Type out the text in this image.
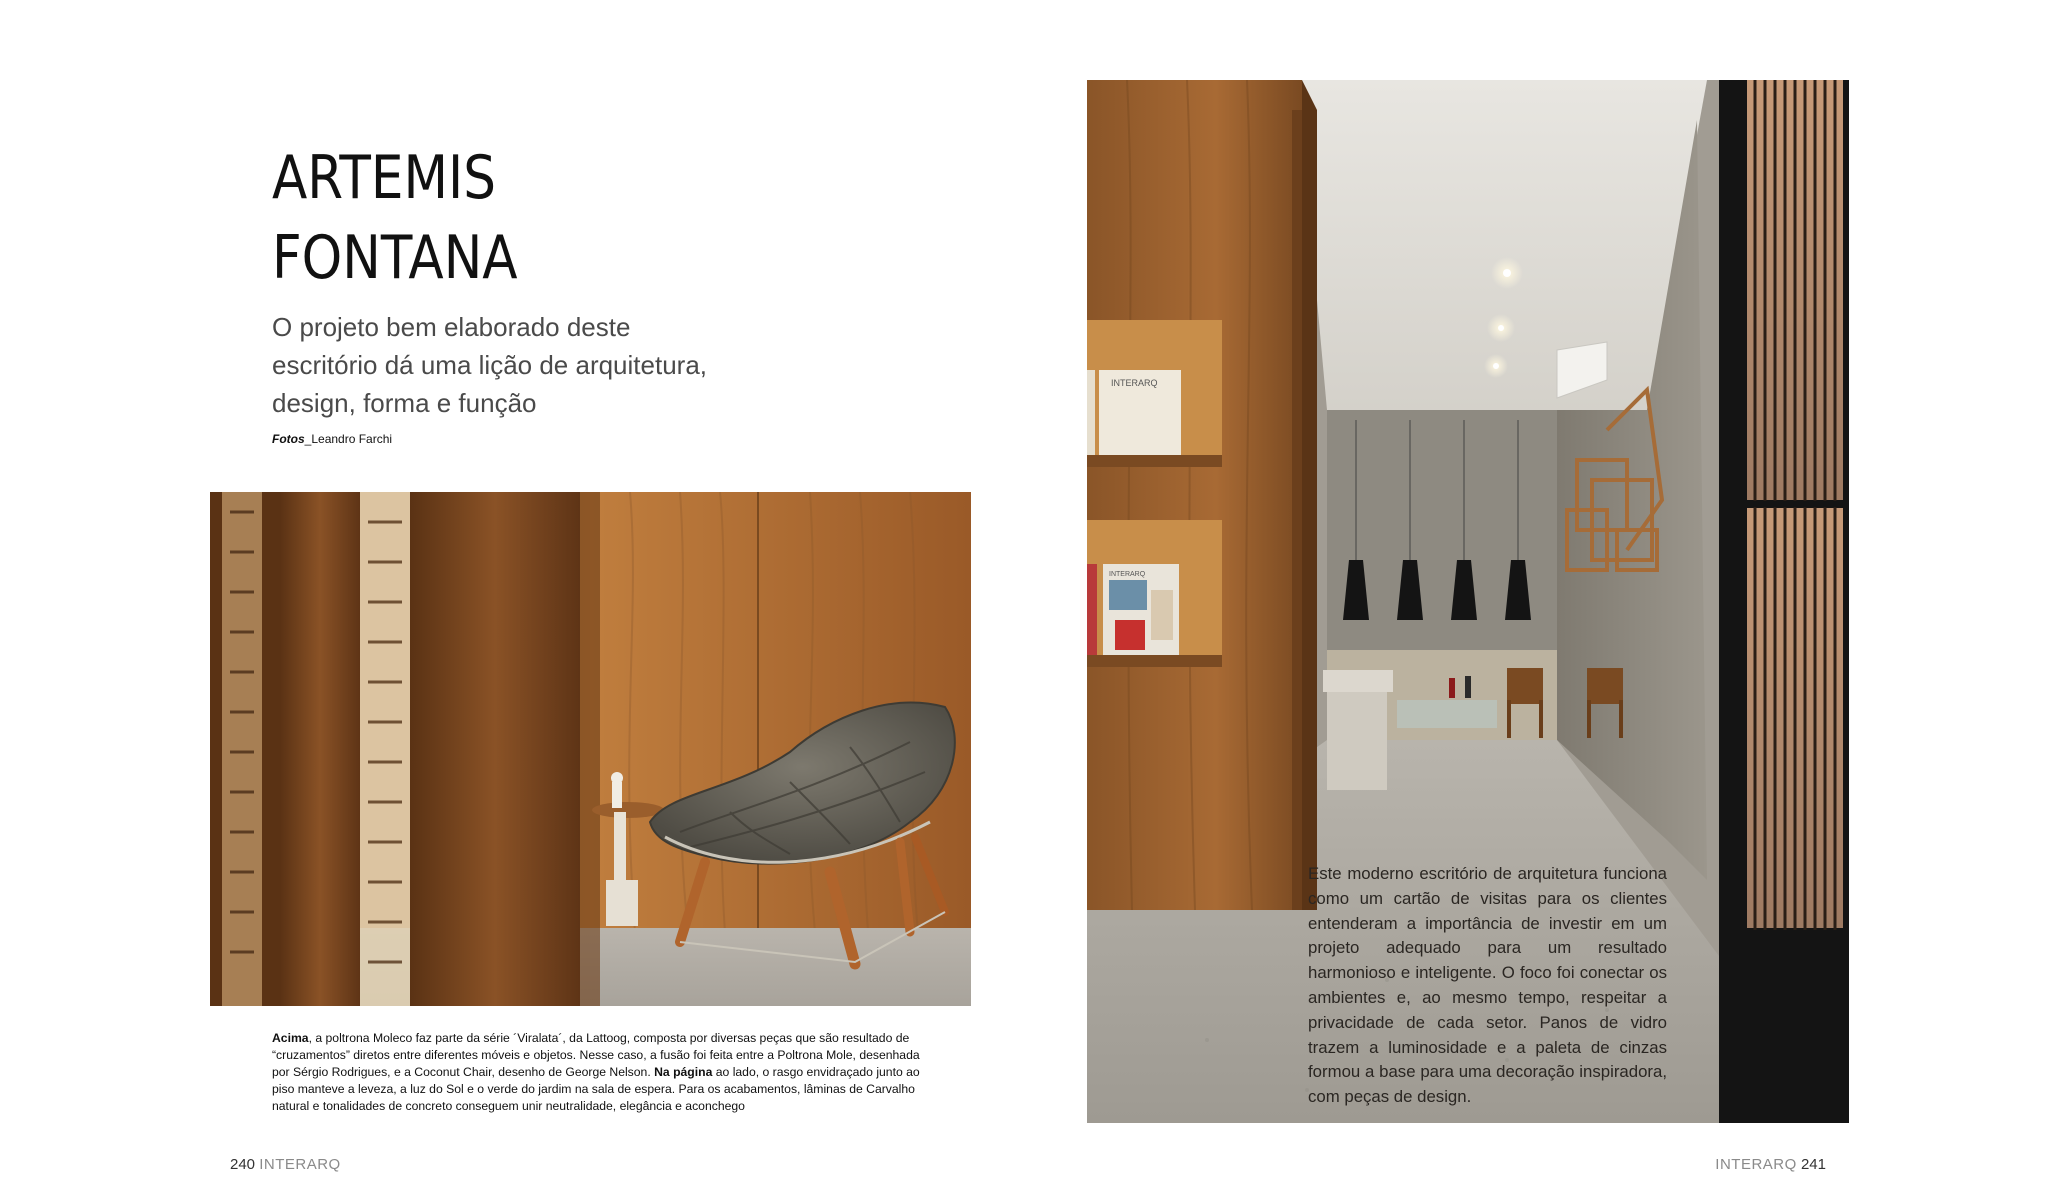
ARTEMIS
FONTANA

O projeto bem elaborado deste
escritório dá uma lição de arquitetura,
design, forma e função

Fotos_Leandro Farchi
Acima, a poltrona Moleco faz parte da série ´Viralata´, da Lattoog, composta por diversas peças que são resultado de “cruzamentos” diretos entre diferentes móveis e objetos. Nesse caso, a fusão foi feita entre a Poltrona Mole, desenhada por Sérgio Rodrigues, e a Coconut Chair, desenho de George Nelson. Na página ao lado, o rasgo envidraçado junto ao piso manteve a leveza, a luz do Sol e o verde do jardim na sala de espera. Para os acabamentos, lâminas de Carvalho natural e tonalidades de concreto conseguem unir neutralidade, elegância e aconchego
240 INTERARQ
INTERARQ
INTERARQ

Este moderno escritório de arquitetura funciona como um cartão de visitas para os clientes entenderam a importância de investir em um projeto adequado para um resultado harmonioso e inteligente. O foco foi conectar os ambientes e, ao mesmo tempo, respeitar a privacidade de cada setor. Panos de vidro trazem a luminosidade e a paleta de cinzas formou a base para uma decoração inspiradora, com peças de design.

INTERARQ 241
